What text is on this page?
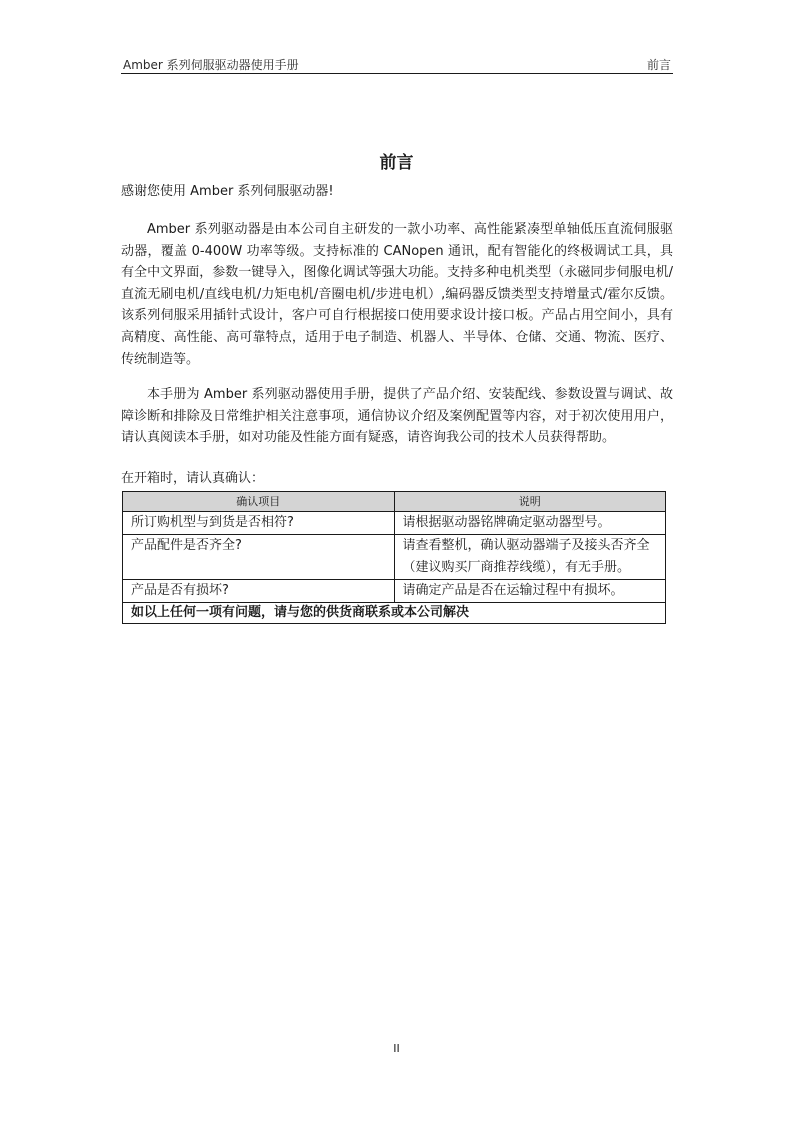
Amber 系列伺服驱动器使用手册	前言
前言
感谢您使用 Amber 系列伺服驱动器!
Amber 系列驱动器是由本公司自主研发的一款小功率、高性能紧凑型单轴低压直流伺服驱动器，覆盖 0-400W 功率等级。支持标准的 CANopen 通讯，配有智能化的终极调试工具，具有全中文界面，参数一键导入，图像化调试等强大功能。支持多种电机类型（永磁同步伺服电机/直流无刷电机/直线电机/力矩电机/音圈电机/步进电机）,编码器反馈类型支持增量式/霍尔反馈。该系列伺服采用插针式设计，客户可自行根据接口使用要求设计接口板。产品占用空间小，具有高精度、高性能、高可靠特点，适用于电子制造、机器人、半导体、仓储、交通、物流、医疗、传统制造等。
本手册为 Amber 系列驱动器使用手册，提供了产品介绍、安装配线、参数设置与调试、故障诊断和排除及日常维护相关注意事项，通信协议介绍及案例配置等内容，对于初次使用用户，请认真阅读本手册，如对功能及性能方面有疑惑，请咨询我公司的技术人员获得帮助。
在开箱时，请认真确认：
确认项目	说明
所订购机型与到货是否相符?	请根据驱动器铭牌确定驱动器型号。
产品配件是否齐全?	请查看整机，确认驱动器端子及接头否齐全（建议购买厂商推荐线缆），有无手册。
产品是否有损坏?	请确定产品是否在运输过程中有损坏。
如以上任何一项有问题，请与您的供货商联系或本公司解决	
II
